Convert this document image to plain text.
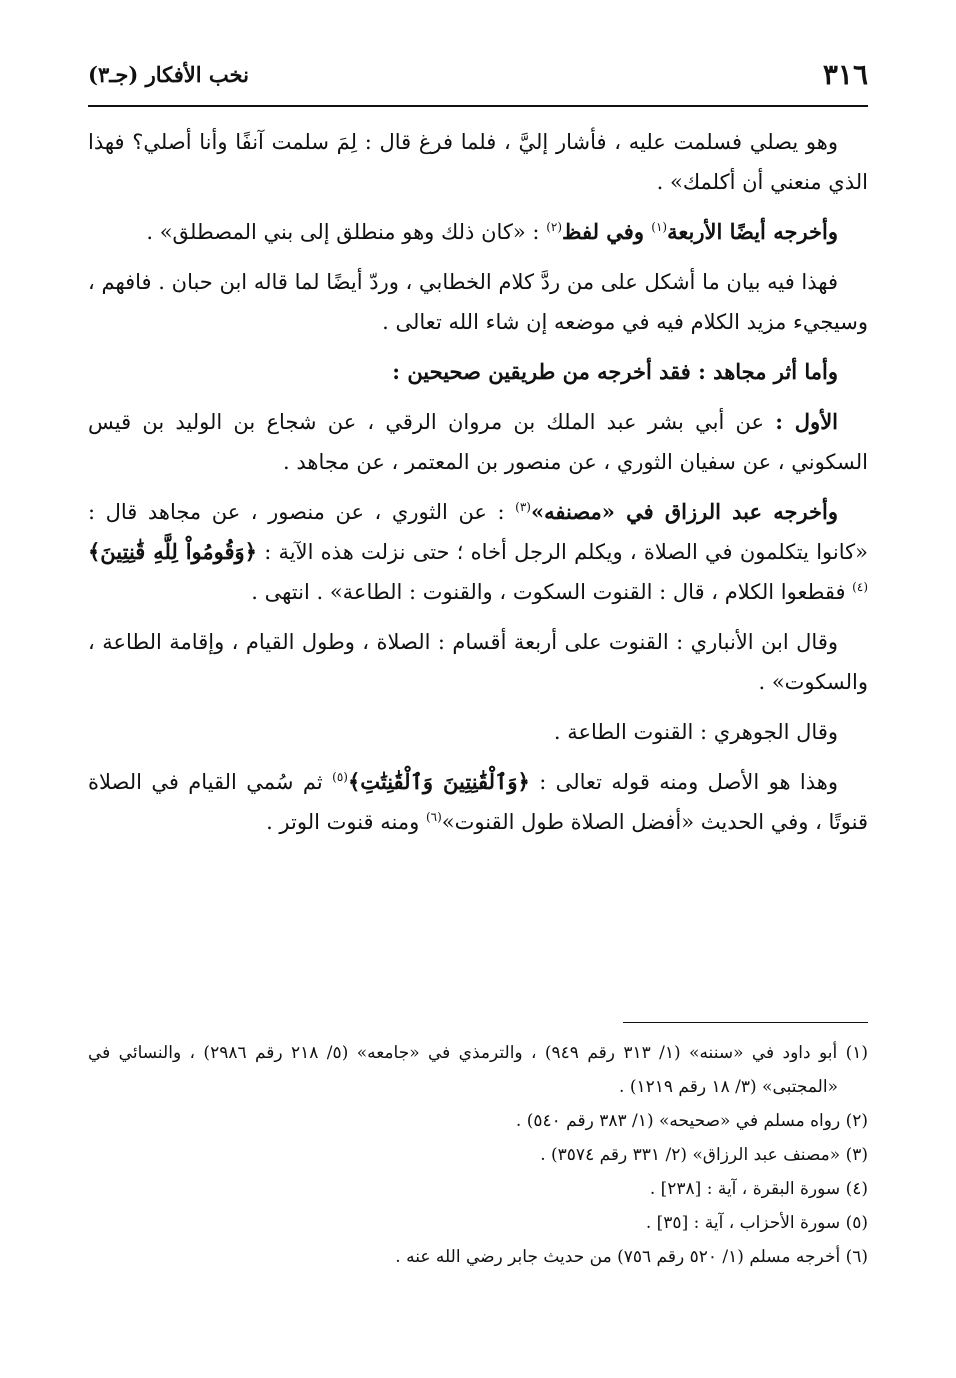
٣١٦
نخب الأفكار (جـ٣)

وهو يصلي فسلمت عليه ، فأشار إليَّ ، فلما فرغ قال : لِمَ سلمت آنفًا وأنا أصلي؟ فهذا الذي منعني أن أكلمك» .

وأخرجه أيضًا الأربعة$^{(١)}$ وفي لفظ$^{(٢)}$ : «كان ذلك وهو منطلق إلى بني المصطلق» .

فهذا فيه بيان ما أشكل على من ردَّ كلام الخطابي ، وردّ أيضًا لما قاله ابن حبان . فافهم ، وسيجيء مزيد الكلام فيه في موضعه إن شاء الله تعالى .

وأما أثر مجاهد : فقد أخرجه من طريقين صحيحين :

الأول : عن أبي بشر عبد الملك بن مروان الرقي ، عن شجاع بن الوليد بن قيس السكوني ، عن سفيان الثوري ، عن منصور بن المعتمر ، عن مجاهد .

وأخرجه عبد الرزاق في «مصنفه»$^{(٣)}$ : عن الثوري ، عن منصور ، عن مجاهد قال : «كانوا يتكلمون في الصلاة ، ويكلم الرجل أخاه ؛ حتى نزلت هذه الآية : ﴿وَقُومُواْ لِلَّهِ قَٰنِتِينَ﴾$^{(٤)}$ فقطعوا الكلام ، قال : القنوت السكوت ، والقنوت : الطاعة» . انتهى .

وقال ابن الأنباري : القنوت على أربعة أقسام : الصلاة ، وطول القيام ، وإقامة الطاعة ، والسكوت» .

وقال الجوهري : القنوت الطاعة .

وهذا هو الأصل ومنه قوله تعالى : ﴿وَٱلْقَٰنِتِينَ وَٱلْقَٰنِتَٰتِ﴾$^{(٥)}$ ثم سُمي القيام في الصلاة قنوتًا ، وفي الحديث «أفضل الصلاة طول القنوت»$^{(٦)}$ ومنه قنوت الوتر .

(١) أبو داود في «سننه» (١/ ٣١٣ رقم ٩٤٩) ، والترمذي في «جامعه» (٥/ ٢١٨ رقم ٢٩٨٦) ، والنسائي في «المجتبى» (٣/ ١٨ رقم ١٢١٩) .

(٢) رواه مسلم في «صحيحه» (١/ ٣٨٣ رقم ٥٤٠) .

(٣) «مصنف عبد الرزاق» (٢/ ٣٣١ رقم ٣٥٧٤) .

(٤) سورة البقرة ، آية : [٢٣٨] .

(٥) سورة الأحزاب ، آية : [٣٥] .

(٦) أخرجه مسلم (١/ ٥٢٠ رقم ٧٥٦) من حديث جابر رضي الله عنه .
